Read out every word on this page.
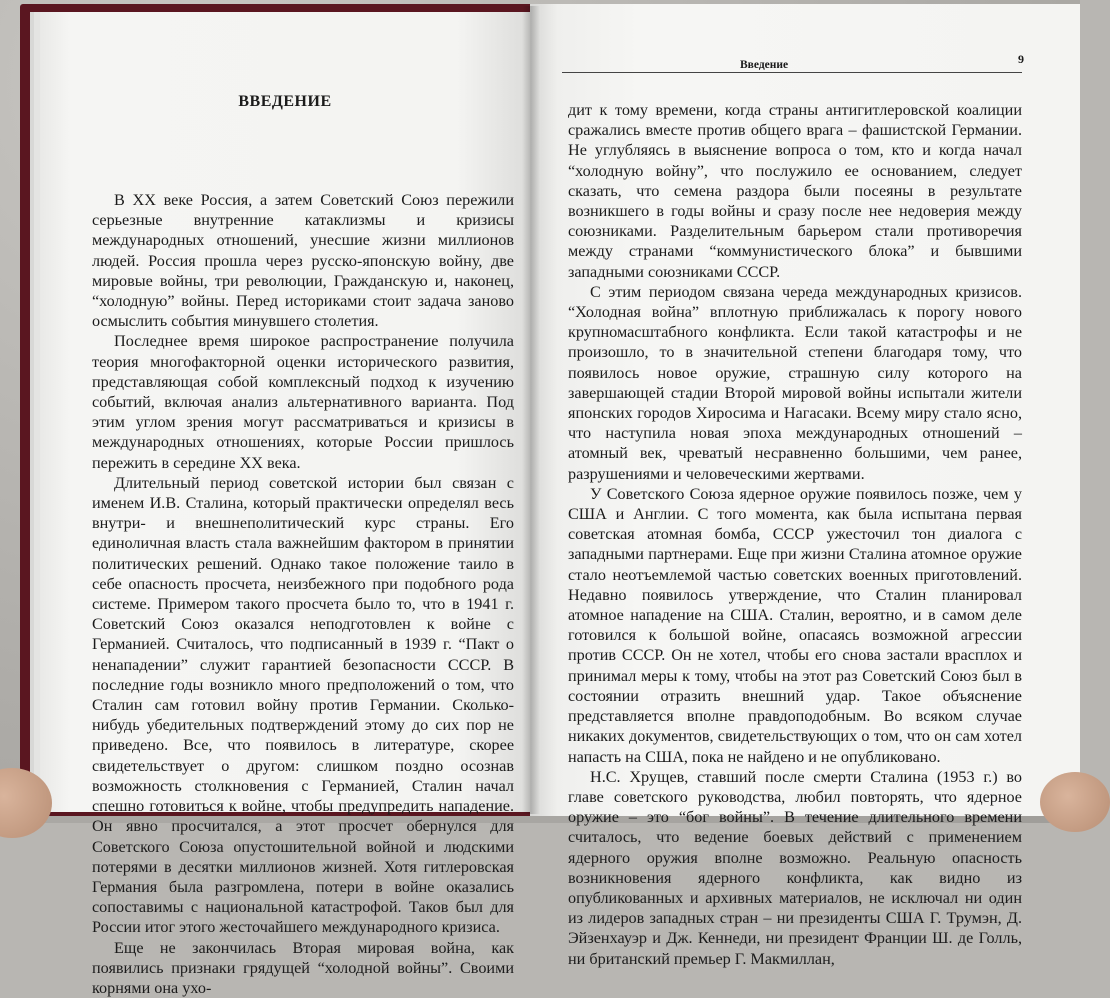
ВВЕДЕНИЕ

В XX веке Россия, а затем Советский Союз пережили серьезные внутренние катаклизмы и кризисы международных отношений, унесшие жизни миллионов людей. Россия прошла через русско-японскую войну, две мировые войны, три революции, Гражданскую и, наконец, “холодную” войны. Перед историками стоит задача заново осмыслить события минувшего столетия.

Последнее время широкое распространение получила теория многофакторной оценки исторического развития, представляющая собой комплексный подход к изучению событий, включая анализ альтернативного варианта. Под этим углом зрения могут рассматриваться и кризисы в международных отношениях, которые России пришлось пережить в середине XX века.

Длительный период советской истории был связан с именем И.В. Сталина, который практически определял весь внутри- и внешнеполитический курс страны. Его единоличная власть стала важнейшим фактором в принятии политических решений. Однако такое положение таило в себе опасность просчета, неизбежного при подобного рода системе. Примером такого просчета было то, что в 1941 г. Советский Союз оказался неподготовлен к войне с Германией. Считалось, что подписанный в 1939 г. “Пакт о ненападении” служит гарантией безопасности СССР. В последние годы возникло много предположений о том, что Сталин сам готовил войну против Германии. Сколько-нибудь убедительных подтверждений этому до сих пор не приведено. Все, что появилось в литературе, скорее свидетельствует о другом: слишком поздно осознав возможность столкновения с Германией, Сталин начал спешно готовиться к войне, чтобы предупредить нападение. Он явно просчитался, а этот просчет обернулся для Советского Союза опустошительной войной и людскими потерями в десятки миллионов жизней. Хотя гитлеровская Германия была разгромлена, потери в войне оказались сопоставимы с национальной катастрофой. Таков был для России итог этого жесточайшего международного кризиса.

Еще не закончилась Вторая мировая война, как появились признаки грядущей “холодной войны”. Своими корнями она ухо-

Введение	9

дит к тому времени, когда страны антигитлеровской коалиции сражались вместе против общего врага – фашистской Германии. Не углубляясь в выяснение вопроса о том, кто и когда начал “холодную войну”, что послужило ее основанием, следует сказать, что семена раздора были посеяны в результате возникшего в годы войны и сразу после нее недоверия между союзниками. Разделительным барьером стали противоречия между странами “коммунистического блока” и бывшими западными союзниками СССР.

С этим периодом связана череда международных кризисов. “Холодная война” вплотную приближалась к порогу нового крупномасштабного конфликта. Если такой катастрофы и не произошло, то в значительной степени благодаря тому, что появилось новое оружие, страшную силу которого на завершающей стадии Второй мировой войны испытали жители японских городов Хиросима и Нагасаки. Всему миру стало ясно, что наступила новая эпоха международных отношений – атомный век, чреватый несравненно большими, чем ранее, разрушениями и человеческими жертвами.

У Советского Союза ядерное оружие появилось позже, чем у США и Англии. С того момента, как была испытана первая советская атомная бомба, СССР ужесточил тон диалога с западными партнерами. Еще при жизни Сталина атомное оружие стало неотъемлемой частью советских военных приготовлений. Недавно появилось утверждение, что Сталин планировал атомное нападение на США. Сталин, вероятно, и в самом деле готовился к большой войне, опасаясь возможной агрессии против СССР. Он не хотел, чтобы его снова застали врасплох и принимал меры к тому, чтобы на этот раз Советский Союз был в состоянии отразить внешний удар. Такое объяснение представляется вполне правдоподобным. Во всяком случае никаких документов, свидетельствующих о том, что он сам хотел напасть на США, пока не найдено и не опубликовано.

Н.С. Хрущев, ставший после смерти Сталина (1953 г.) во главе советского руководства, любил повторять, что ядерное оружие – это “бог войны”. В течение длительного времени считалось, что ведение боевых действий с применением ядерного оружия вполне возможно. Реальную опасность возникновения ядерного конфликта, как видно из опубликованных и архивных материалов, не исключал ни один из лидеров западных стран – ни президенты США Г. Трумэн, Д. Эйзенхауэр и Дж. Кеннеди, ни президент Франции Ш. де Голль, ни британский премьер Г. Макмиллан,
